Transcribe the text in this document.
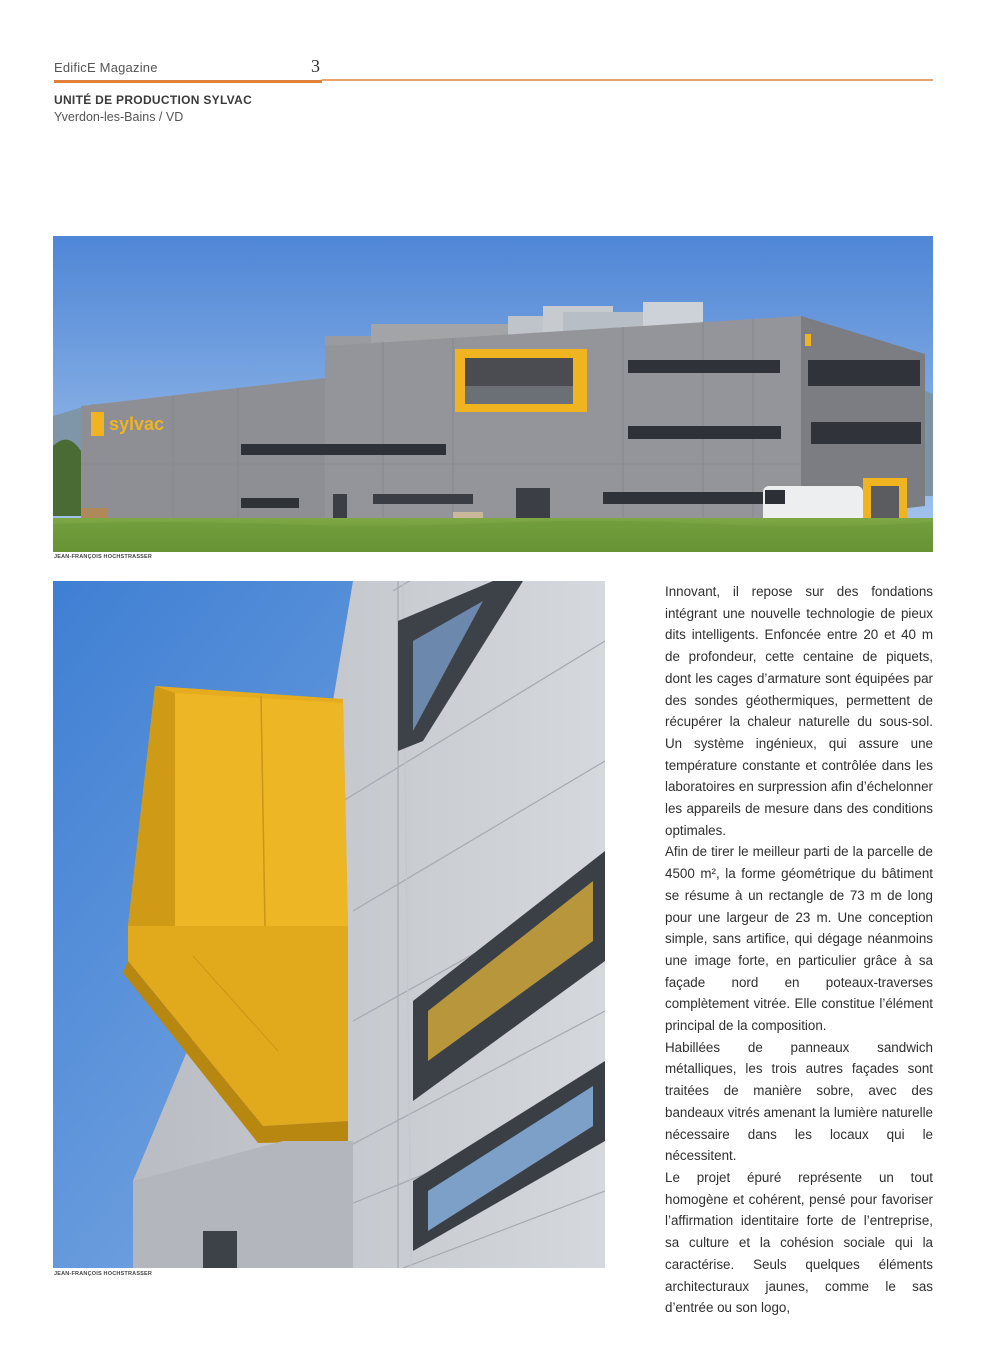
EdificE Magazine	3
UNITÉ DE PRODUCTION SYLVAC
Yverdon-les-Bains / VD
sylvac
JEAN-FRANÇOIS HOCHSTRASSER
JEAN-FRANÇOIS HOCHSTRASSER

Innovant, il repose sur des fondations intégrant une nouvelle technologie de pieux dits intelligents. Enfoncée entre 20 et 40 m de profondeur, cette centaine de piquets, dont les cages d’armature sont équipées par des sondes géothermiques, permettent de récupérer la chaleur naturelle du sous-sol. Un système ingénieux, qui assure une température constante et contrôlée dans les laboratoires en surpression afin d’échelonner les appareils de mesure dans des conditions optimales.

Afin de tirer le meilleur parti de la parcelle de 4500 m², la forme géométrique du bâtiment se résume à un rectangle de 73 m de long pour une largeur de 23 m. Une conception simple, sans artifice, qui dégage néanmoins une image forte, en particulier grâce à sa façade nord en poteaux-traverses complètement vitrée. Elle constitue l’élément principal de la composition.

Habillées de panneaux sandwich métalliques, les trois autres façades sont traitées de manière sobre, avec des bandeaux vitrés amenant la lumière naturelle nécessaire dans les locaux qui le nécessitent.

Le projet épuré représente un tout homogène et cohérent, pensé pour favoriser l’affirmation identitaire forte de l’entreprise, sa culture et la cohésion sociale qui la caractérise. Seuls quelques éléments architecturaux jaunes, comme le sas d’entrée ou son logo,
